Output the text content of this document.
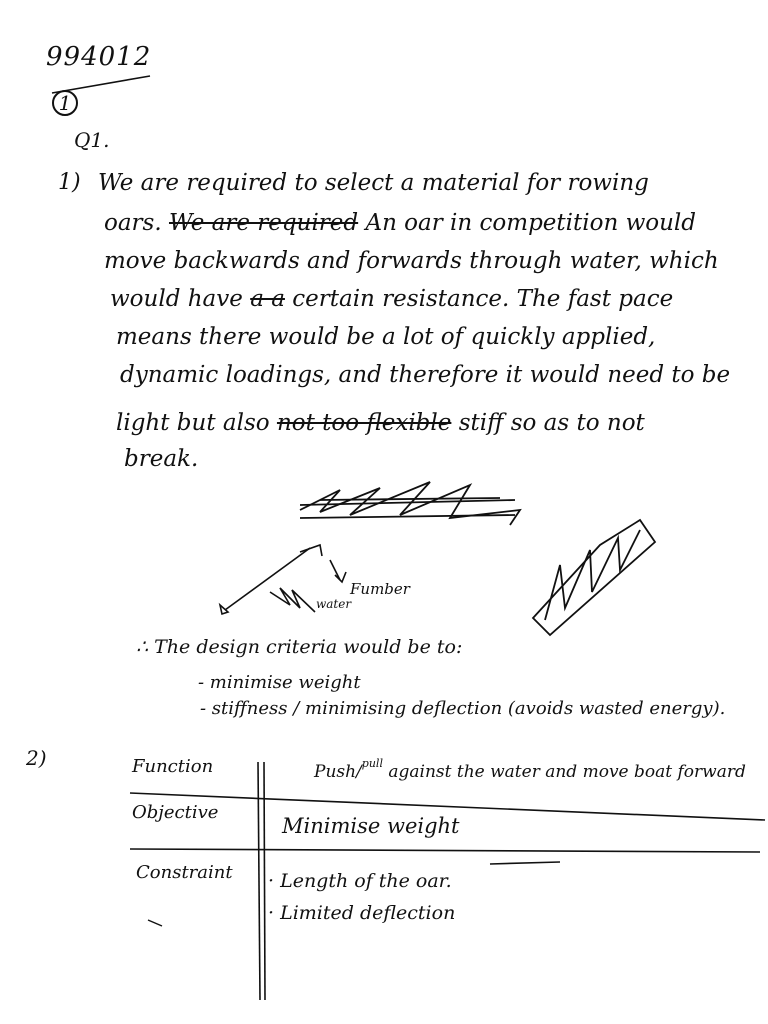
994012
1
Q1.
1) We are required to select a material for rowing
oars. We are required An oar in competition would
move backwards and forwards through water, which
would have a a certain resistance. The fast pace
means there would be a lot of quickly applied,
dynamic loadings, and therefore it would need to be
light but also not too flexible stiff so as to not
break.
Fumber
water
∴ The design criteria would be to:
- minimise weight
- stiffness / minimising deflection (avoids wasted energy).
2)	Function	Push/$^{pull}$ against the water and move boat forward
Objective
Minimise weight
Constraint · Length of the oar.
· Limited deflection
